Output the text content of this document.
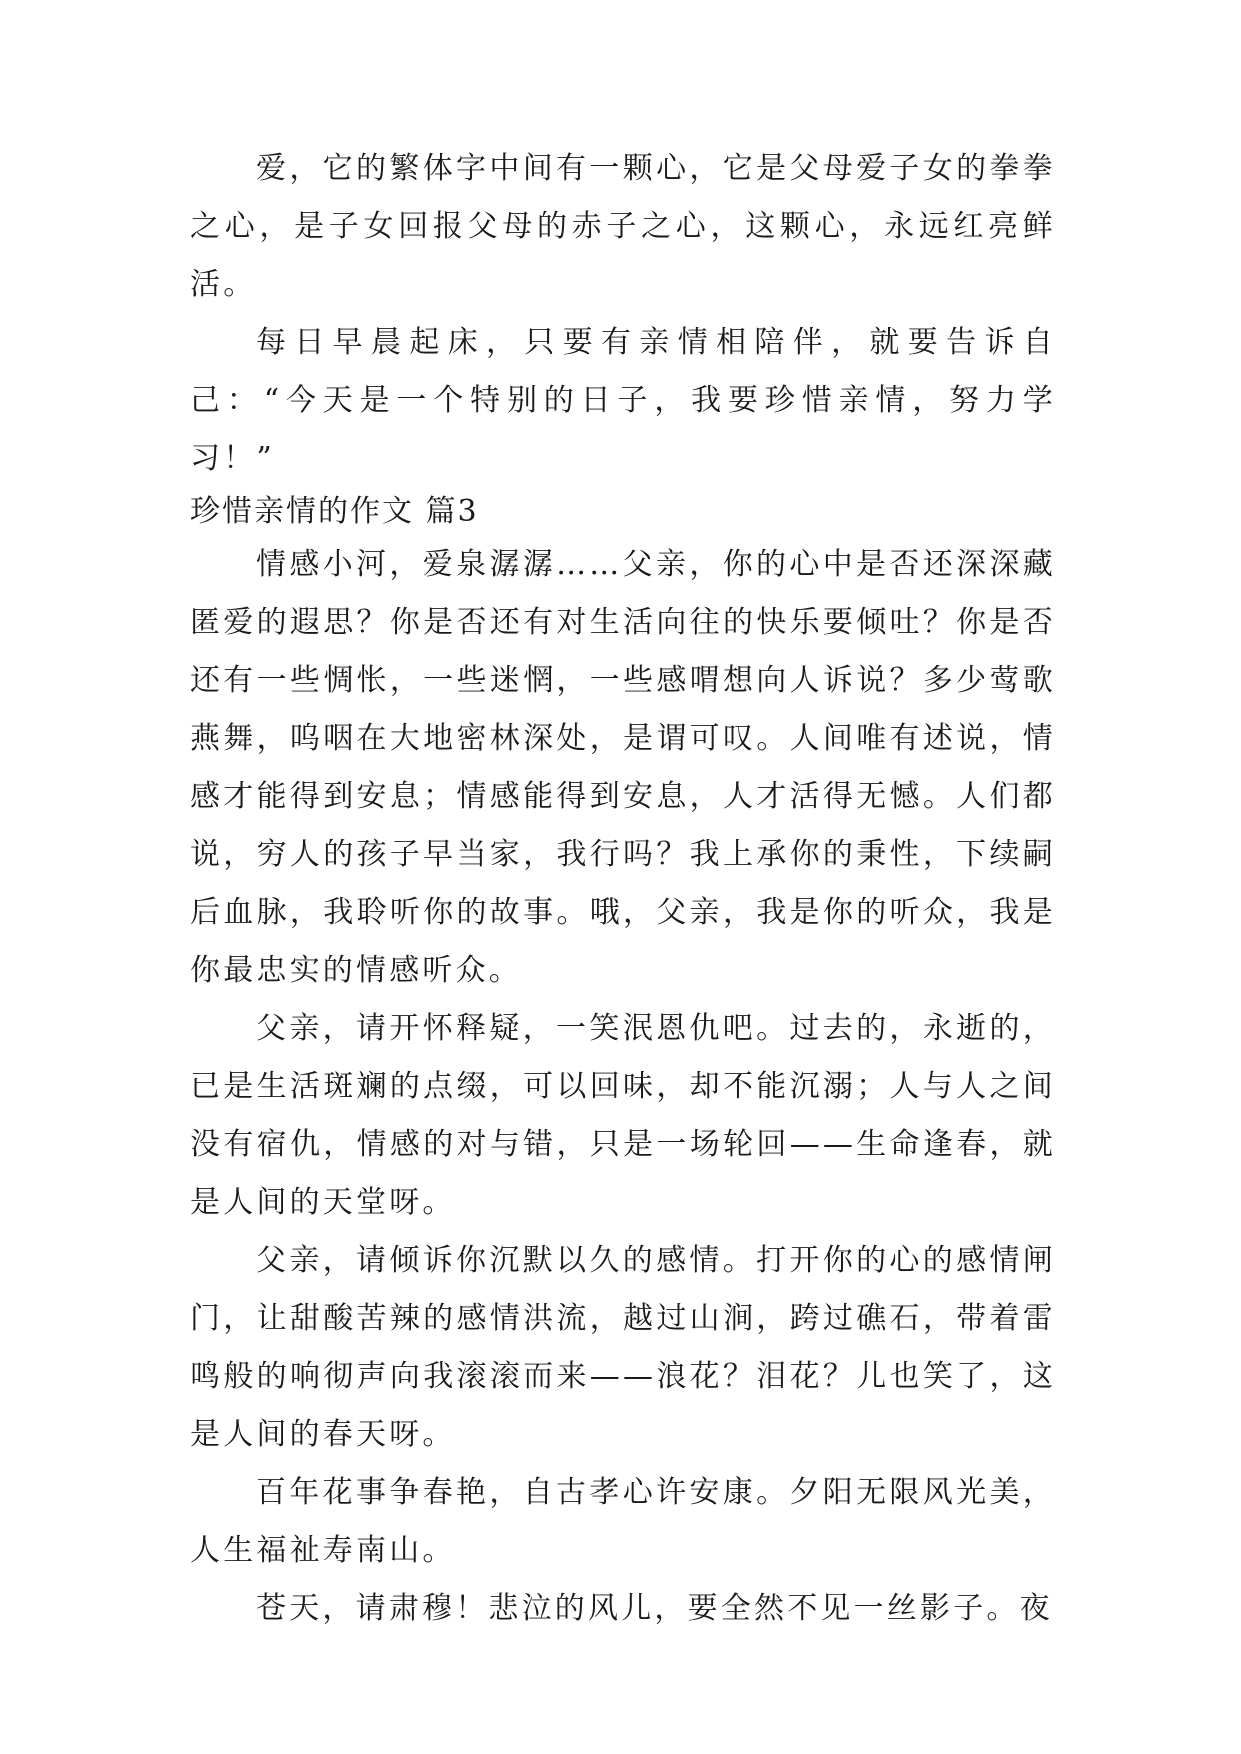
爱，它的繁体字中间有一颗心，它是父母爱子女的拳拳之心，是子女回报父母的赤子之心，这颗心，永远红亮鲜活。

每日早晨起床，只要有亲情相陪伴，就要告诉自己：“今天是一个特别的日子，我要珍惜亲情，努力学习！”

珍惜亲情的作文 篇3

情感小河，爱泉潺潺……父亲，你的心中是否还深深藏匿爱的遐思？你是否还有对生活向往的快乐要倾吐？你是否还有一些惆怅，一些迷惘，一些感喟想向人诉说？多少莺歌燕舞，呜咽在大地密林深处，是谓可叹。人间唯有述说，情感才能得到安息；情感能得到安息，人才活得无憾。人们都说，穷人的孩子早当家，我行吗？我上承你的秉性，下续嗣后血脉，我聆听你的故事。哦，父亲，我是你的听众，我是你最忠实的情感听众。

父亲，请开怀释疑，一笑泯恩仇吧。过去的，永逝的，已是生活斑斓的点缀，可以回味，却不能沉溺；人与人之间没有宿仇，情感的对与错，只是一场轮回——生命逢春，就是人间的天堂呀。

父亲，请倾诉你沉默以久的感情。打开你的心的感情闸门，让甜酸苦辣的感情洪流，越过山涧，跨过礁石，带着雷鸣般的响彻声向我滚滚而来——浪花？泪花？儿也笑了，这是人间的春天呀。

百年花事争春艳，自古孝心许安康。夕阳无限风光美，人生福祉寿南山。

苍天，请肃穆！悲泣的风儿，要全然不见一丝影子。夜
